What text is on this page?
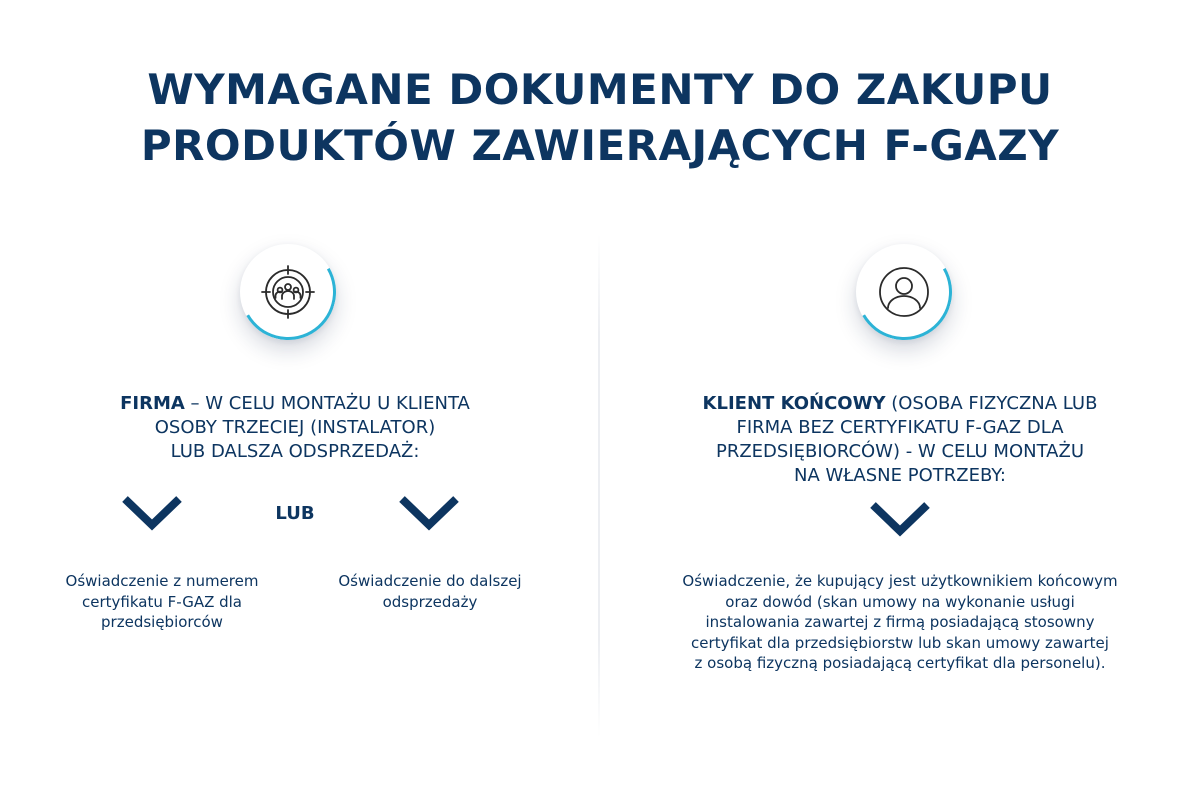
WYMAGANE DOKUMENTY DO ZAKUPU
PRODUKTÓW ZAWIERAJĄCYCH F-GAZY
FIRMA – W CELU MONTAŻU U KLIENTA
OSOBY TRZECIEJ (INSTALATOR)
LUB DALSZA ODSPRZEDAŻ:
LUB
Oświadczenie z numerem
certyfikatu F-GAZ dla
przedsiębiorców
Oświadczenie do dalszej
odsprzedaży
KLIENT KOŃCOWY (OSOBA FIZYCZNA LUB
FIRMA BEZ CERTYFIKATU F-GAZ DLA
PRZEDSIĘBIORCÓW) - W CELU MONTAŻU
NA WŁASNE POTRZEBY:
Oświadczenie, że kupujący jest użytkownikiem końcowym
oraz dowód (skan umowy na wykonanie usługi
instalowania zawartej z firmą posiadającą stosowny
certyfikat dla przedsiębiorstw lub skan umowy zawartej
z osobą fizyczną posiadającą certyfikat dla personelu).
